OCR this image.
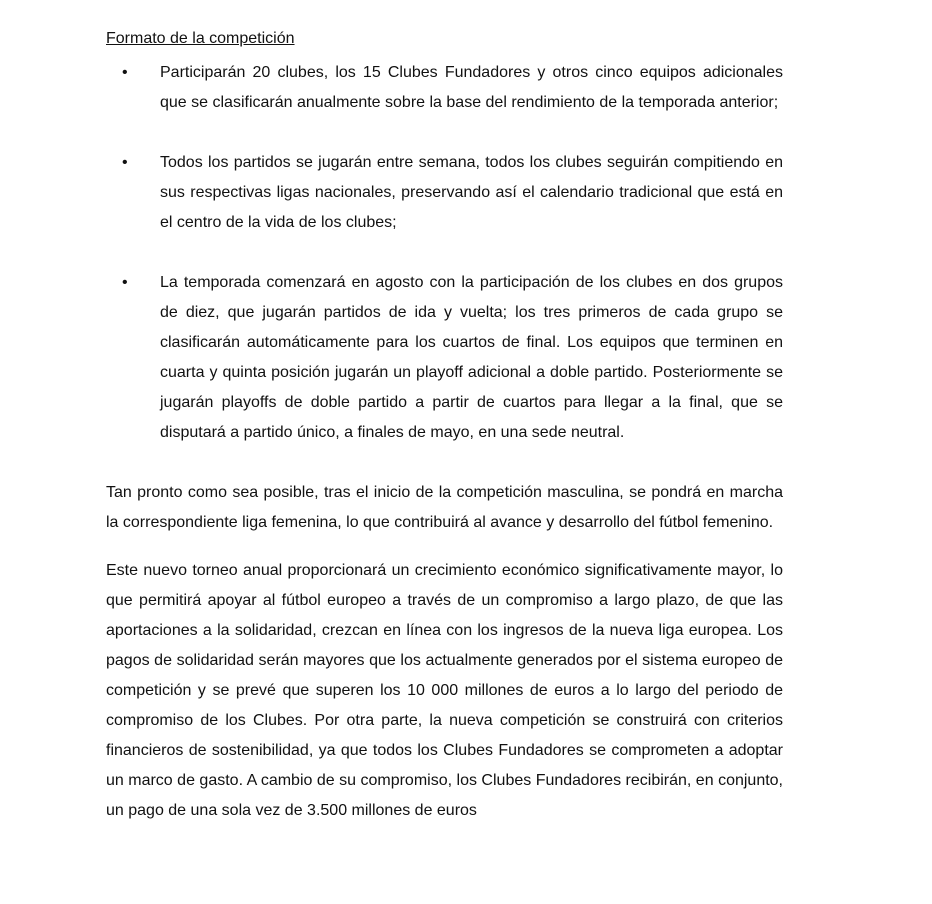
Formato de la competición
• Participarán 20 clubes, los 15 Clubes Fundadores y otros cinco equipos adicionales que se clasificarán anualmente sobre la base del rendimiento de la temporada anterior;
• Todos los partidos se jugarán entre semana, todos los clubes seguirán compitiendo en sus respectivas ligas nacionales, preservando así el calendario tradicional que está en el centro de la vida de los clubes;
• La temporada comenzará en agosto con la participación de los clubes en dos grupos de diez, que jugarán partidos de ida y vuelta; los tres primeros de cada grupo se clasificarán automáticamente para los cuartos de final. Los equipos que terminen en cuarta y quinta posición jugarán un playoff adicional a doble partido. Posteriormente se jugarán playoffs de doble partido a partir de cuartos para llegar a la final, que se disputará a partido único, a finales de mayo, en una sede neutral.

Tan pronto como sea posible, tras el inicio de la competición masculina, se pondrá en marcha la correspondiente liga femenina, lo que contribuirá al avance y desarrollo del fútbol femenino.

Este nuevo torneo anual proporcionará un crecimiento económico significativamente mayor, lo que permitirá apoyar al fútbol europeo a través de un compromiso a largo plazo, de que las aportaciones a la solidaridad, crezcan en línea con los ingresos de la nueva liga europea. Los pagos de solidaridad serán mayores que los actualmente generados por el sistema europeo de competición y se prevé que superen los 10 000 millones de euros a lo largo del periodo de compromiso de los Clubes. Por otra parte, la nueva competición se construirá con criterios financieros de sostenibilidad, ya que todos los Clubes Fundadores se comprometen a adoptar un marco de gasto. A cambio de su compromiso, los Clubes Fundadores recibirán, en conjunto, un pago de una sola vez de 3.500 millones de euros
